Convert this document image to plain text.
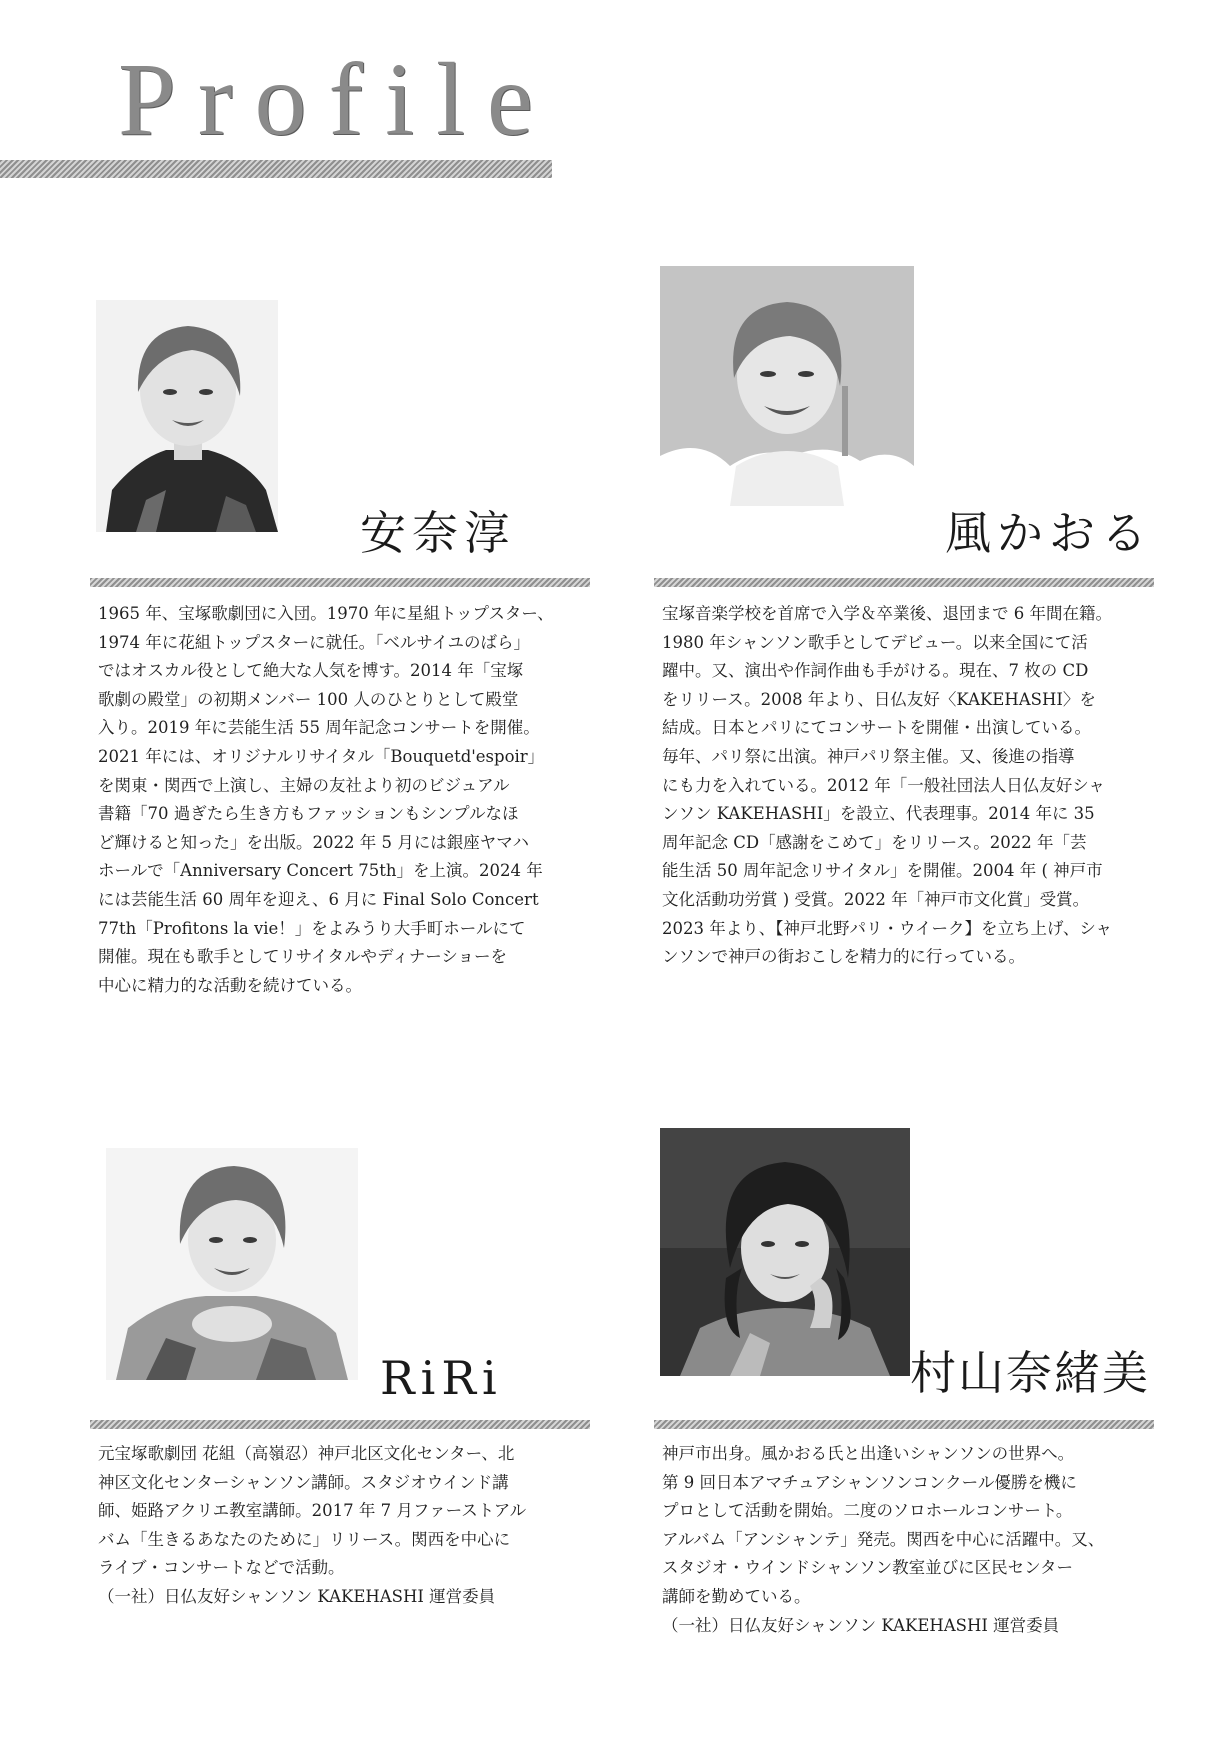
Profile
安奈淳

1965 年、宝塚歌劇団に入団。1970 年に星組トップスター、

1974 年に花組トップスターに就任。「ベルサイユのばら」

ではオスカル役として絶大な人気を博す。2014 年「宝塚

歌劇の殿堂」の初期メンバー 100 人のひとりとして殿堂

入り。2019 年に芸能生活 55 周年記念コンサートを開催。

2021 年には、オリジナルリサイタル「Bouquetd'espoir」

を関東・関西で上演し、主婦の友社より初のビジュアル

書籍「70 過ぎたら生き方もファッションもシンプルなほ

ど輝けると知った」を出版。2022 年 5 月には銀座ヤマハ

ホールで「Anniversary Concert 75th」を上演。2024 年

には芸能生活 60 周年を迎え、6 月に Final Solo Concert

77th「Profitons la vie！」をよみうり大手町ホールにて

開催。現在も歌手としてリサイタルやディナーショーを

中心に精力的な活動を続けている。

風かおる

宝塚音楽学校を首席で入学＆卒業後、退団まで 6 年間在籍。

1980 年シャンソン歌手としてデビュー。以来全国にて活

躍中。又、演出や作詞作曲も手がける。現在、7 枚の CD

をリリース。2008 年より、日仏友好〈KAKEHASHI〉を

結成。日本とパリにてコンサートを開催・出演している。

毎年、パリ祭に出演。神戸パリ祭主催。又、後進の指導

にも力を入れている。2012 年「一般社団法人日仏友好シャ

ンソン KAKEHASHI」を設立、代表理事。2014 年に 35

周年記念 CD「感謝をこめて」をリリース。2022 年「芸

能生活 50 周年記念リサイタル」を開催。2004 年 ( 神戸市

文化活動功労賞 ) 受賞。2022 年「神戸市文化賞」受賞。

2023 年より、【神戸北野パリ・ウイーク】を立ち上げ、シャ

ンソンで神戸の街おこしを精力的に行っている。

RiRi

元宝塚歌劇団 花組（高嶺忍）神戸北区文化センター、北

神区文化センターシャンソン講師。スタジオウインド講

師、姫路アクリエ教室講師。2017 年 7 月ファーストアル

バム「生きるあなたのために」リリース。関西を中心に

ライブ・コンサートなどで活動。

（一社）日仏友好シャンソン KAKEHASHI 運営委員

村山奈緒美

神戸市出身。風かおる氏と出逢いシャンソンの世界へ。

第 9 回日本アマチュアシャンソンコンクール優勝を機に

プロとして活動を開始。二度のソロホールコンサート。

アルバム「アンシャンテ」発売。関西を中心に活躍中。又、

スタジオ・ウインドシャンソン教室並びに区民センター

講師を勤めている。

（一社）日仏友好シャンソン KAKEHASHI 運営委員
